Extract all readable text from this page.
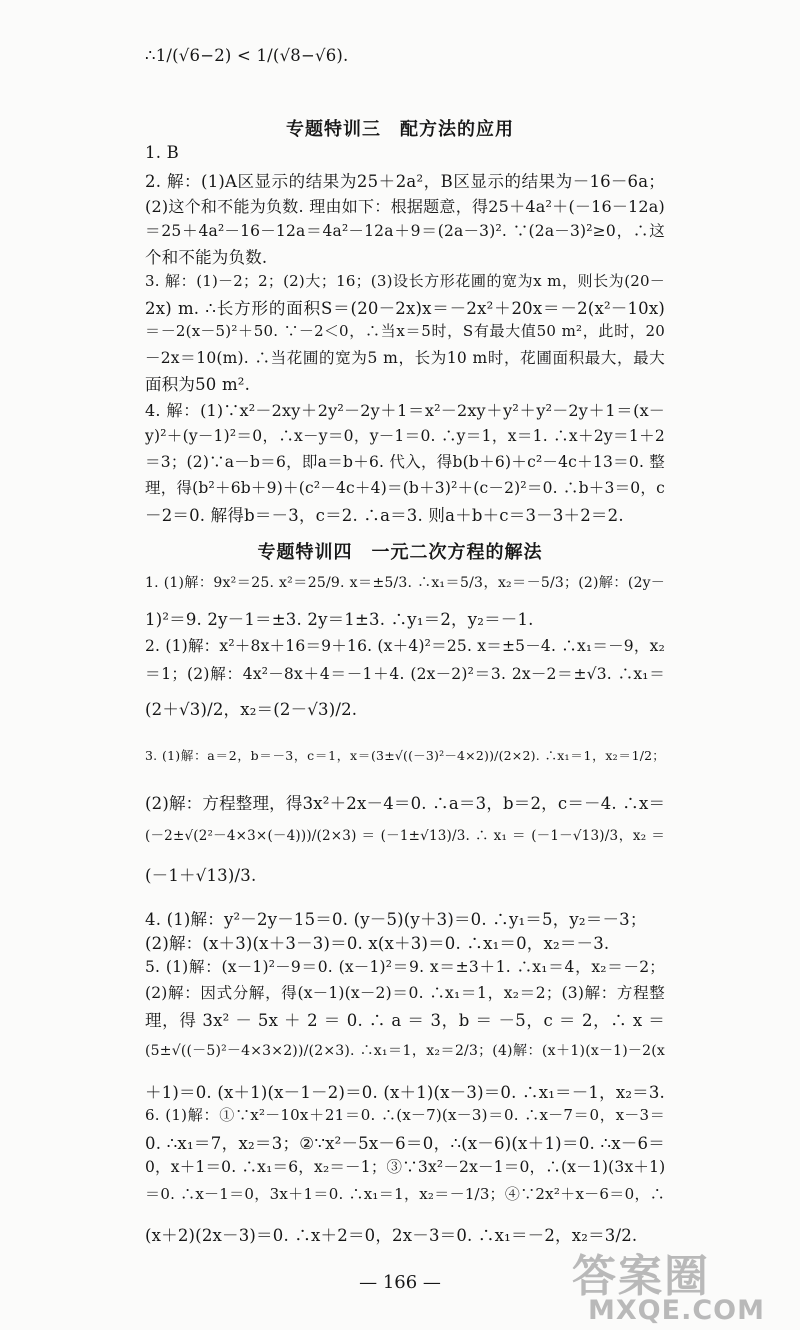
∴1/(√6−2) < 1/(√8−√6).
专题特训三　配方法的应用
1. B
2. 解：(1)A区显示的结果为25＋2a²，B区显示的结果为－16－6a；
(2)这个和不能为负数. 理由如下：根据题意，得25＋4a²＋(－16－12a)
＝25＋4a²－16－12a＝4a²－12a＋9＝(2a－3)². ∵(2a－3)²≥0，∴这
个和不能为负数.
3. 解：(1)－2；2；(2)大；16；(3)设长方形花圃的宽为x m，则长为(20－
2x) m. ∴长方形的面积S＝(20－2x)x＝－2x²＋20x＝－2(x²－10x)
＝－2(x－5)²＋50. ∵－2＜0，∴当x＝5时，S有最大值50 m²，此时，20
－2x＝10(m). ∴当花圃的宽为5 m，长为10 m时，花圃面积最大，最大
面积为50 m².
4. 解：(1)∵x²－2xy＋2y²－2y＋1＝x²－2xy＋y²＋y²－2y＋1＝(x－
y)²＋(y－1)²＝0，∴x－y＝0，y－1＝0. ∴y＝1，x＝1. ∴x＋2y＝1＋2
＝3；(2)∵a－b＝6，即a＝b＋6. 代入，得b(b＋6)＋c²－4c＋13＝0. 整
理，得(b²＋6b＋9)＋(c²－4c＋4)＝(b＋3)²＋(c－2)²＝0. ∴b＋3＝0，c
－2＝0. 解得b＝－3，c＝2. ∴a＝3. 则a＋b＋c＝3－3＋2＝2.
专题特训四　一元二次方程的解法
1. (1)解：9x²＝25. x²＝25/9. x＝±5/3. ∴x₁＝5/3，x₂＝－5/3；(2)解：(2y－
1)²＝9. 2y－1＝±3. 2y＝1±3. ∴y₁＝2，y₂＝－1.
2. (1)解：x²＋8x＋16＝9＋16. (x＋4)²＝25. x＝±5－4. ∴x₁＝－9，x₂
＝1；(2)解：4x²－8x＋4＝－1＋4. (2x－2)²＝3. 2x－2＝±√3. ∴x₁＝
(2＋√3)/2，x₂＝(2－√3)/2.
3. (1)解：a＝2，b＝－3，c＝1，x＝(3±√((－3)²－4×2))/(2×2). ∴x₁＝1，x₂＝1/2；
(2)解：方程整理，得3x²＋2x－4＝0. ∴a＝3，b＝2，c＝－4. ∴x＝
(－2±√(2²－4×3×(－4)))/(2×3) ＝ (－1±√13)/3. ∴ x₁ ＝ (－1－√13)/3，x₂ ＝
(－1＋√13)/3.
4. (1)解：y²－2y－15＝0. (y－5)(y＋3)＝0. ∴y₁＝5，y₂＝－3；
(2)解：(x＋3)(x＋3－3)＝0. x(x＋3)＝0. ∴x₁＝0，x₂＝－3.
5. (1)解：(x－1)²－9＝0. (x－1)²＝9. x＝±3＋1. ∴x₁＝4，x₂＝－2；
(2)解：因式分解，得(x－1)(x－2)＝0. ∴x₁＝1，x₂＝2；(3)解：方程整
理，得 3x² － 5x ＋ 2 ＝ 0. ∴ a ＝ 3，b ＝ －5，c ＝ 2，∴ x ＝
(5±√((－5)²－4×3×2))/(2×3). ∴x₁＝1，x₂＝2/3；(4)解：(x＋1)(x－1)－2(x
＋1)＝0. (x＋1)(x－1－2)＝0. (x＋1)(x－3)＝0. ∴x₁＝－1，x₂＝3.
6. (1)解：①∵x²－10x＋21＝0. ∴(x－7)(x－3)＝0. ∴x－7＝0，x－3＝
0. ∴x₁＝7，x₂＝3；②∵x²－5x－6＝0，∴(x－6)(x＋1)＝0. ∴x－6＝
0，x＋1＝0. ∴x₁＝6，x₂＝－1；③∵3x²－2x－1＝0，∴(x－1)(3x＋1)
＝0. ∴x－1＝0，3x＋1＝0. ∴x₁＝1，x₂＝－1/3；④∵2x²＋x－6＝0，∴
(x＋2)(2x－3)＝0. ∴x＋2＝0，2x－3＝0. ∴x₁＝－2，x₂＝3/2.
— 166 —	答案圈
MXQE.COM
